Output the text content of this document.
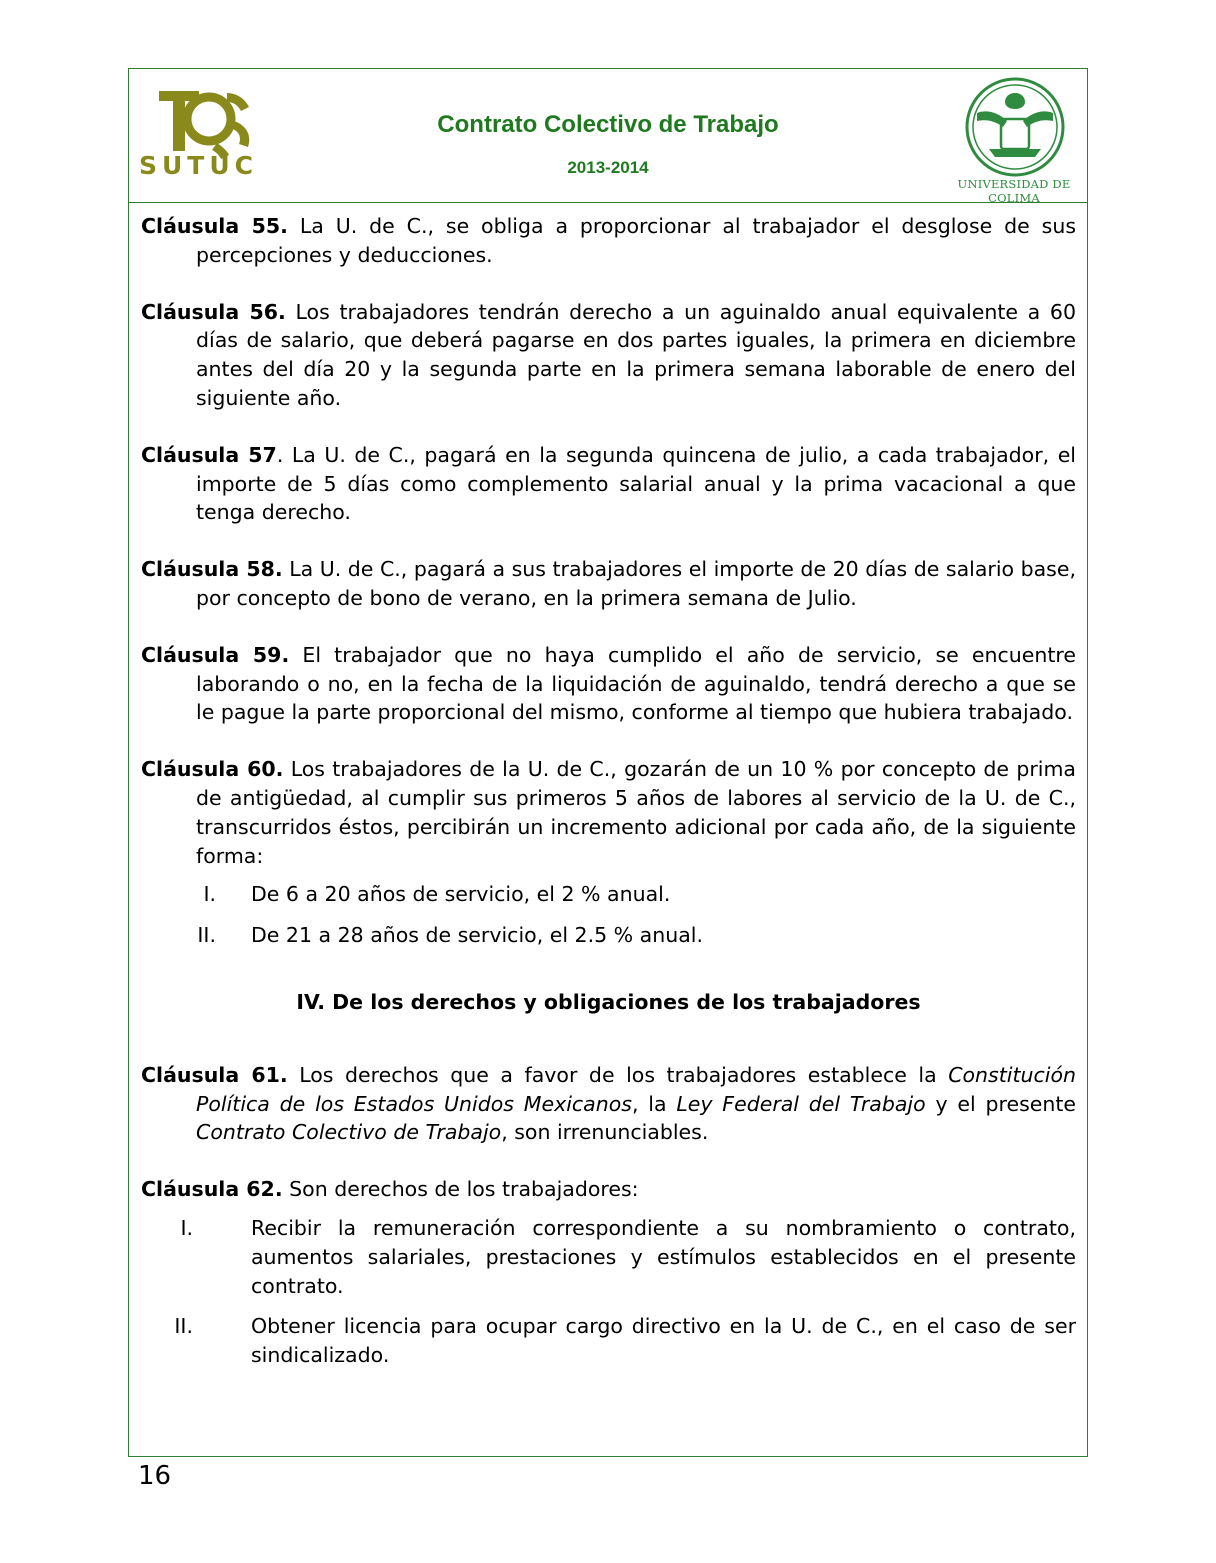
SUTUC
Contrato Colectivo de Trabajo
2013-2014
UNIVERSIDAD DE COLIMA

Cláusula 55. La U. de C., se obliga a proporcionar al trabajador el desglose de sus percepciones y deducciones.

Cláusula 56. Los trabajadores tendrán derecho a un aguinaldo anual equivalente a 60 días de salario, que deberá pagarse en dos partes iguales, la primera en diciembre antes del día 20 y la segunda parte en la primera semana laborable de enero del siguiente año.

Cláusula 57. La U. de C., pagará en la segunda quincena de julio, a cada trabajador, el importe de 5 días como complemento salarial anual y la prima vacacional a que tenga derecho.

Cláusula 58. La U. de C., pagará a sus trabajadores el importe de 20 días de salario base, por concepto de bono de verano, en la primera semana de Julio.

Cláusula 59. El trabajador que no haya cumplido el año de servicio, se encuentre laborando o no, en la fecha de la liquidación de aguinaldo, tendrá derecho a que se le pague la parte proporcional del mismo, conforme al tiempo que hubiera trabajado.

Cláusula 60. Los trabajadores de la U. de C., gozarán de un 10 % por concepto de prima de antigüedad, al cumplir sus primeros 5 años de labores al servicio de la U. de C., transcurridos éstos, percibirán un incremento adicional por cada año, de la siguiente forma:

I. De 6 a 20 años de servicio, el 2 % anual.
II. De 21 a 28 años de servicio, el 2.5 % anual.
IV. De los derechos y obligaciones de los trabajadores

Cláusula 61. Los derechos que a favor de los trabajadores establece la Constitución Política de los Estados Unidos Mexicanos, la Ley Federal del Trabajo y el presente Contrato Colectivo de Trabajo, son irrenunciables.

Cláusula 62. Son derechos de los trabajadores:

I.	Recibir la remuneración correspondiente a su nombramiento o contrato, aumentos salariales, prestaciones y estímulos establecidos en el presente contrato.
II.	Obtener licencia para ocupar cargo directivo en la U. de C., en el caso de ser sindicalizado.
16
